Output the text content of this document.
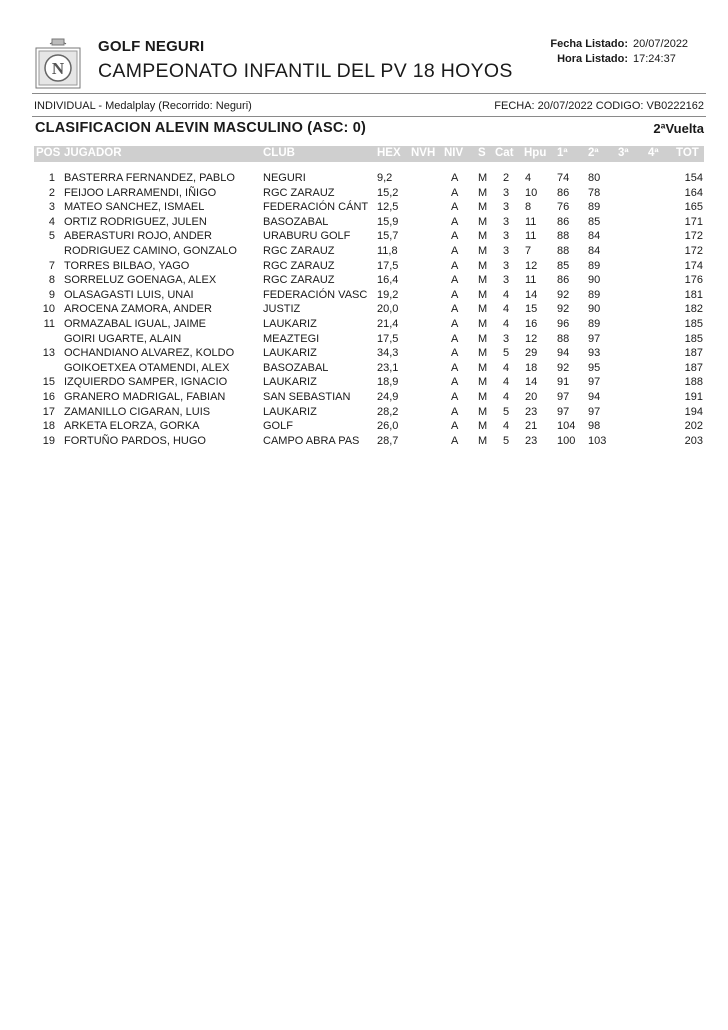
N
GOLF NEGURI
CAMPEONATO INFANTIL DEL PV 18 HOYOS
Fecha Listado: 20/07/2022
Hora Listado: 17:24:37
INDIVIDUAL - Medalplay (Recorrido: Neguri)	FECHA: 20/07/2022 CODIGO: VB0222162
CLASIFICACION ALEVIN MASCULINO (ASC: 0)	2ªVuelta
POS JUGADOR	CLUB	HEX NVH NIV S Cat Hpu 1ª 2ª 3ª 4ª TOT
1 BASTERRA FERNANDEZ, PABLO	NEGURI	9,2	A M 2 4 74 80	154
2 FEIJOO LARRAMENDI, IÑIGO	RGC ZARAUZ	15,2	A M 3 10 86 78	164
3 MATEO SANCHEZ, ISMAEL	FEDERACIÓN CÁNT 12,5	A M 3 8 76 89	165
4 ORTIZ RODRIGUEZ, JULEN	BASOZABAL	15,9	A M 3 11 86 85	171
5 ABERASTURI ROJO, ANDER	URABURU GOLF	15,7	A M 3 11 88 84	172
RODRIGUEZ CAMINO, GONZALO RGC ZARAUZ	11,8	A M 3 7 88 84	172
7 TORRES BILBAO, YAGO	RGC ZARAUZ	17,5	A M 3 12 85 89	174
8 SORRELUZ GOENAGA, ALEX	RGC ZARAUZ	16,4	A M 3 11 86 90	176
9 OLASAGASTI LUIS, UNAI	FEDERACIÓN VASC 19,2	A M 4 14 92 89	181
10 AROCENA ZAMORA, ANDER	JUSTIZ	20,0	A M 4 15 92 90	182
11 ORMAZABAL IGUAL, JAIME	LAUKARIZ	21,4	A M 4 16 96 89	185
GOIRI UGARTE, ALAIN	MEAZTEGI	17,5	A M 3 12 88 97	185
13 OCHANDIANO ALVAREZ, KOLDO	LAUKARIZ	34,3	A M 5 29 94 93	187
GOIKOETXEA OTAMENDI, ALEX	BASOZABAL	23,1	A M 4 18 92 95	187
15 IZQUIERDO SAMPER, IGNACIO	LAUKARIZ	18,9	A M 4 14 91 97	188
16 GRANERO MADRIGAL, FABIAN	SAN SEBASTIAN	24,9	A M 4 20 97 94	191
17 ZAMANILLO CIGARAN, LUIS	LAUKARIZ	28,2	A M 5 23 97 97	194
18 ARKETA ELORZA, GORKA	GOLF	26,0	A M 4 21 104 98	202
19 FORTUÑO PARDOS, HUGO	CAMPO ABRA PAS	28,7	A M 5 23 100 103	203
